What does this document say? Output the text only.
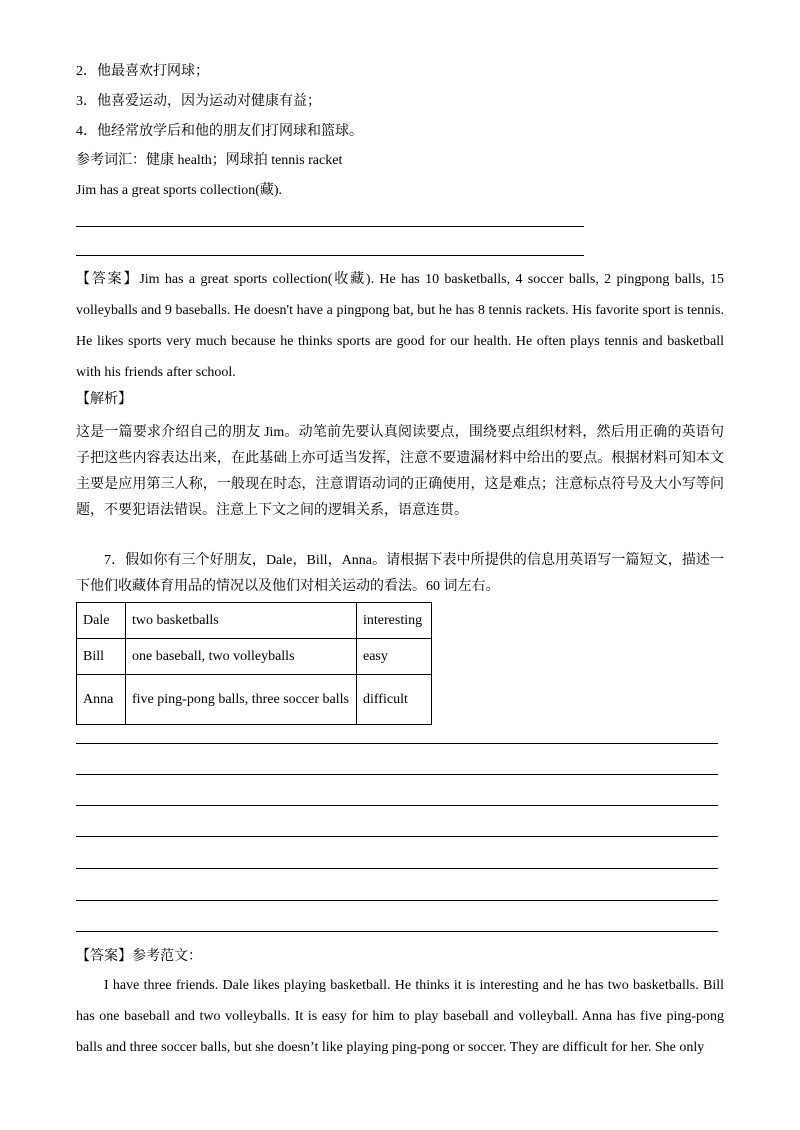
2．他最喜欢打网球；
3．他喜爱运动，因为运动对健康有益；
4．他经常放学后和他的朋友们打网球和篮球。
参考词汇：健康 health；网球拍 tennis racket
Jim has a great sports collection(藏).
【答案】Jim has a great sports collection(收藏). He has 10 basketballs, 4 soccer balls, 2 pingpong balls, 15 volleyballs and 9 baseballs. He doesn't have a pingpong bat, but he has 8 tennis rackets. His favorite sport is tennis. He likes sports very much because he thinks sports are good for our health. He often plays tennis and basketball with his friends after school.
【解析】
这是一篇要求介绍自己的朋友 Jim。动笔前先要认真阅读要点，围绕要点组织材料，然后用正确的英语句子把这些内容表达出来，在此基础上亦可适当发挥，注意不要遗漏材料中给出的要点。根据材料可知本文主要是应用第三人称，一般现在时态，注意谓语动词的正确使用，这是难点；注意标点符号及大小写等问题，不要犯语法错误。注意上下文之间的逻辑关系，语意连贯。
7．假如你有三个好朋友，Dale，Bill，Anna。请根据下表中所提供的信息用英语写一篇短文，描述一下他们收藏体育用品的情况以及他们对相关运动的看法。60 词左右。
Dale	two basketballs	interesting
Bill	one baseball, two volleyballs	easy
Anna	five ping-pong balls, three soccer balls	difficult
【答案】参考范文：
I have three friends. Dale likes playing basketball. He thinks it is interesting and he has two basketballs. Bill has one baseball and two volleyballs. It is easy for him to play baseball and volleyball. Anna has five ping-pong balls and three soccer balls, but she doesn’t like playing ping-pong or soccer. They are difficult for her. She only
